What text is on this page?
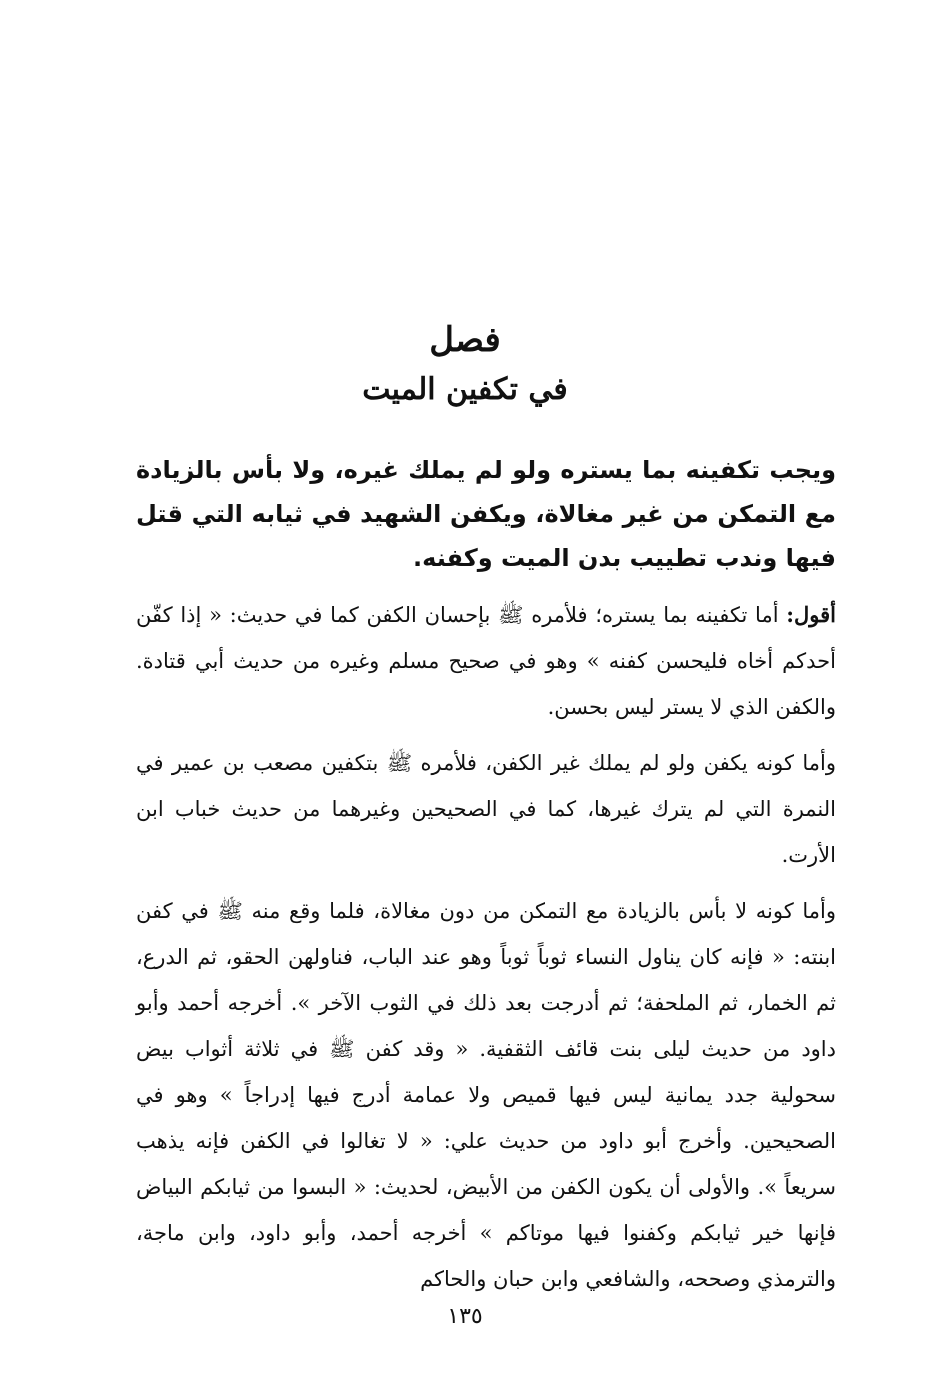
فصل
في تكفين الميت

ويجب تكفينه بما يستره ولو لم يملك غيره، ولا بأس بالزيادة مع التمكن من غير مغالاة، ويكفن الشهيد في ثيابه التي قتل فيها وندب تطييب بدن الميت وكفنه.

أقول: أما تكفينه بما يستره؛ فلأمره ﷺ بإحسان الكفن كما في حديث: « إذا كفّن أحدكم أخاه فليحسن كفنه » وهو في صحيح مسلم وغيره من حديث أبي قتادة. والكفن الذي لا يستر ليس بحسن.

وأما كونه يكفن ولو لم يملك غير الكفن، فلأمره ﷺ بتكفين مصعب بن عمير في النمرة التي لم يترك غيرها، كما في الصحيحين وغيرهما من حديث خباب ابن الأرت.

وأما كونه لا بأس بالزيادة مع التمكن من دون مغالاة، فلما وقع منه ﷺ في كفن ابنته: « فإنه كان يناول النساء ثوباً ثوباً وهو عند الباب، فناولهن الحقو، ثم الدرع، ثم الخمار، ثم الملحفة؛ ثم أدرجت بعد ذلك في الثوب الآخر ». أخرجه أحمد وأبو داود من حديث ليلى بنت قائف الثقفية. « وقد كفن ﷺ في ثلاثة أثواب بيض سحولية جدد يمانية ليس فيها قميص ولا عمامة أدرج فيها إدراجاً » وهو في الصحيحين. وأخرج أبو داود من حديث علي: « لا تغالوا في الكفن فإنه يذهب سريعاً ». والأولى أن يكون الكفن من الأبيض، لحديث: « البسوا من ثيابكم البياض فإنها خير ثيابكم وكفنوا فيها موتاكم » أخرجه أحمد، وأبو داود، وابن ماجة، والترمذي وصححه، والشافعي وابن حبان والحاكم

١٣٥
